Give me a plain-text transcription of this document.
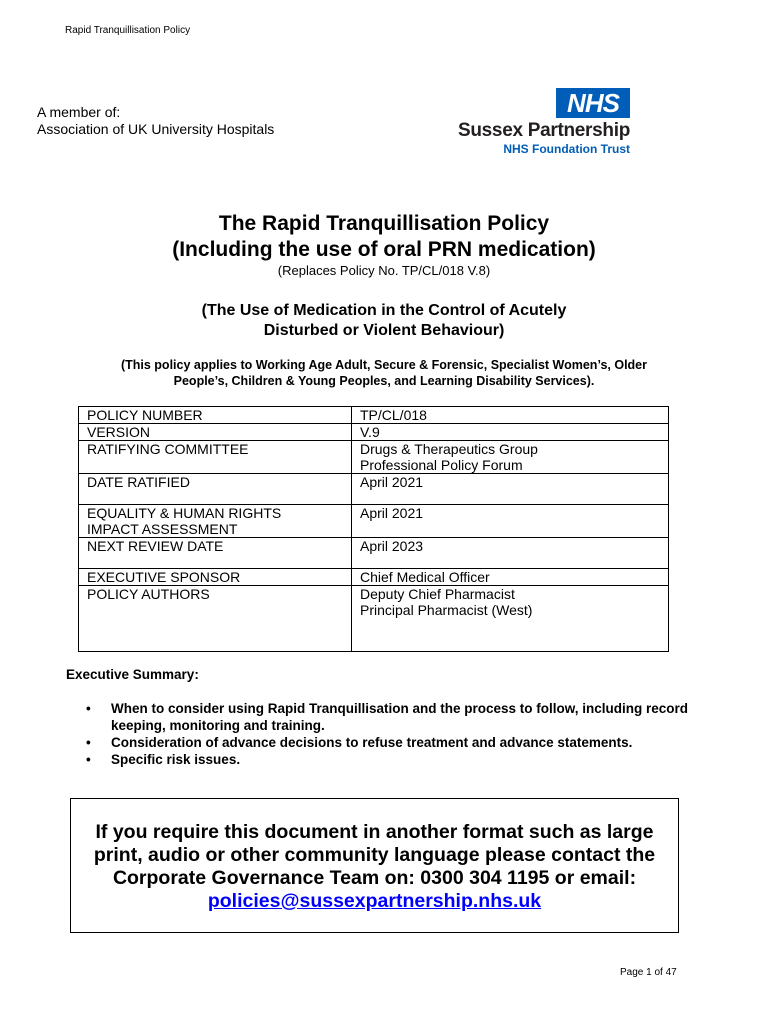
Rapid Tranquillisation Policy
A member of:
Association of UK University Hospitals
NHS
Sussex Partnership
NHS Foundation Trust
The Rapid Tranquillisation Policy
(Including the use of oral PRN medication)
(Replaces Policy No. TP/CL/018 V.8)
(The Use of Medication in the Control of Acutely
Disturbed or Violent Behaviour)
(This policy applies to Working Age Adult, Secure & Forensic, Specialist Women’s, Older
People’s, Children & Young Peoples, and Learning Disability Services).
POLICY NUMBER	TP/CL/018
VERSION	V.9
RATIFYING COMMITTEE	Drugs & Therapeutics Group
Professional Policy Forum

DATE RATIFIED	April 2021
EQUALITY & HUMAN RIGHTS IMPACT ASSESSMENT	April 2021
NEXT REVIEW DATE	April 2023
EXECUTIVE SPONSOR	Chief Medical Officer
POLICY AUTHORS	Deputy Chief Pharmacist
Principal Pharmacist (West)
Executive Summary:
• When to consider using Rapid Tranquillisation and the process to follow, including record keeping, monitoring and training.
• Consideration of advance decisions to refuse treatment and advance statements.
• Specific risk issues.
If you require this document in another format such as large
print, audio or other community language please contact the
Corporate Governance Team on: 0300 304 1195 or email:
policies@sussexpartnership.nhs.uk
Page 1 of 47
